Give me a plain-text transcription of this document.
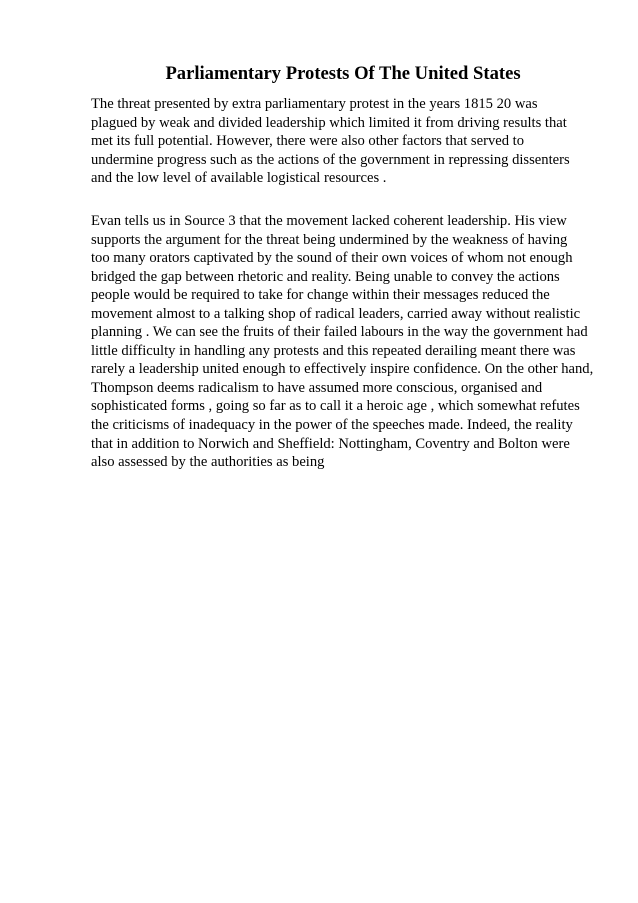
Parliamentary Protests Of The United States

The threat presented by extra parliamentary protest in the years 1815 20 was
plagued by weak and divided leadership which limited it from driving results that
met its full potential. However, there were also other factors that served to
undermine progress such as the actions of the government in repressing dissenters
and the low level of available logistical resources .

Evan tells us in Source 3 that the movement lacked coherent leadership. His view
supports the argument for the threat being undermined by the weakness of having
too many orators captivated by the sound of their own voices of whom not enough
bridged the gap between rhetoric and reality. Being unable to convey the actions
people would be required to take for change within their messages reduced the
movement almost to a talking shop of radical leaders, carried away without realistic
planning . We can see the fruits of their failed labours in the way the government had
little difficulty in handling any protests and this repeated derailing meant there was
rarely a leadership united enough to effectively inspire confidence. On the other hand,
Thompson deems radicalism to have assumed more conscious, organised and
sophisticated forms , going so far as to call it a heroic age , which somewhat refutes
the criticisms of inadequacy in the power of the speeches made. Indeed, the reality
that in addition to Norwich and Sheffield: Nottingham, Coventry and Bolton were
also assessed by the authorities as being
